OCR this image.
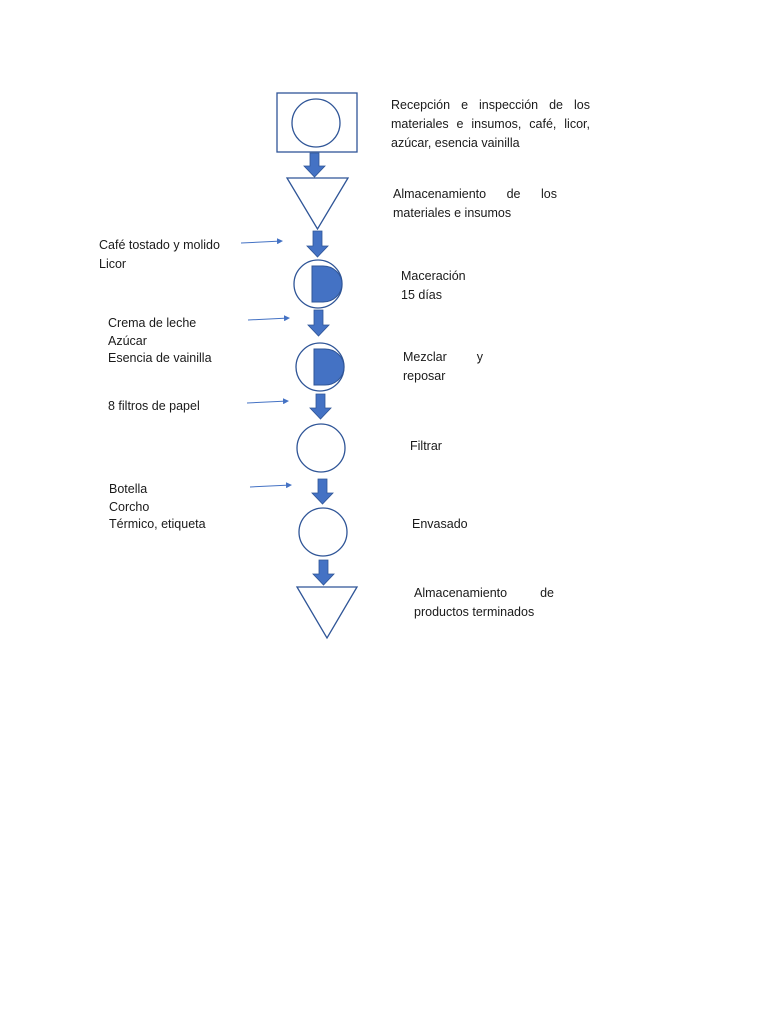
Recepción e inspección de los
materiales e insumos, café, licor,
azúcar, esencia vainilla
Almacenamiento de los
materiales e insumos
Maceración
15 días
Mezclar y
reposar
Filtrar
Envasado
Almacenamiento	de
productos terminados
Café tostado y molido
Licor
Crema de leche
Azúcar
Esencia de vainilla
8 filtros de papel
Botella
Corcho
Térmico, etiqueta
